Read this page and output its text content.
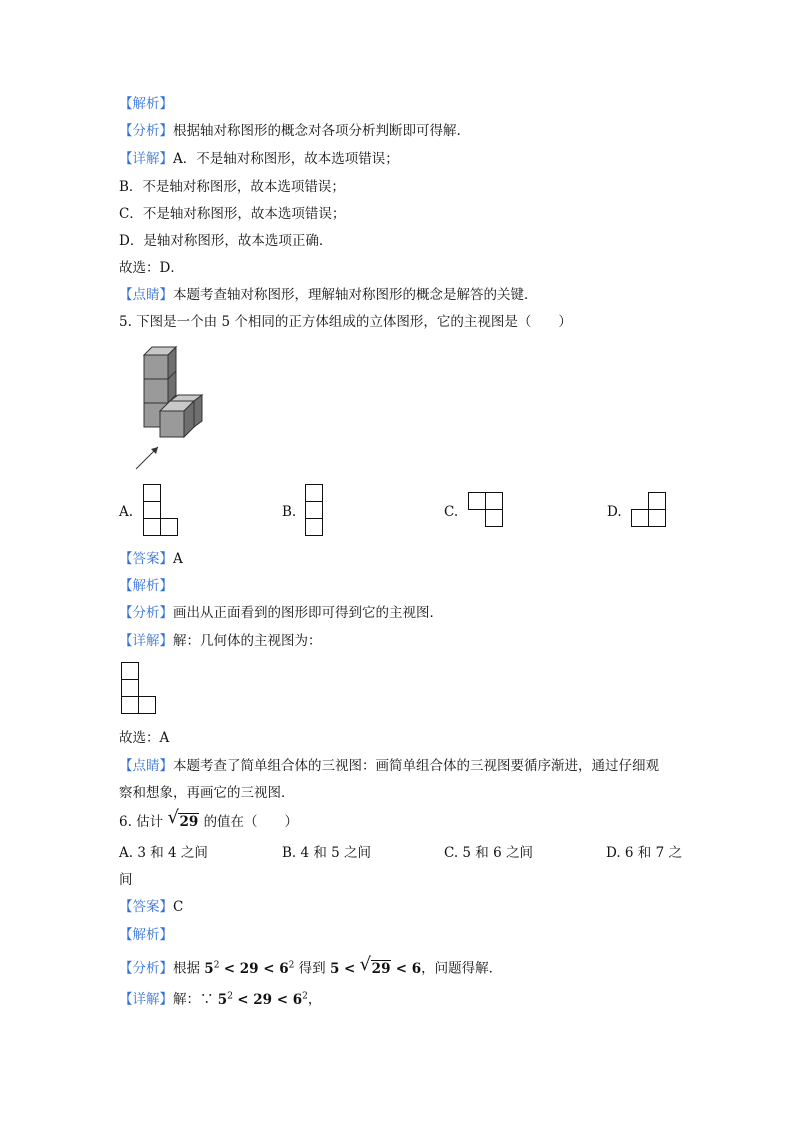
【解析】
【分析】根据轴对称图形的概念对各项分析判断即可得解.
【详解】A．不是轴对称图形，故本选项错误；
B．不是轴对称图形，故本选项错误；
C．不是轴对称图形，故本选项错误；
D．是轴对称图形，故本选项正确．
故选：D．
【点睛】本题考查轴对称图形，理解轴对称图形的概念是解答的关键．
5. 下图是一个由 5 个相同的正方体组成的立体图形，它的主视图是（　　）
A.	B.	C.	D.
【答案】A
【解析】
【分析】画出从正面看到的图形即可得到它的主视图．
【详解】解：几何体的主视图为：
故选：A
【点睛】本题考查了简单组合体的三视图：画简单组合体的三视图要循序渐进，通过仔细观
察和想象，再画它的三视图．
6. 估计 √ 29 的值在（　　）
A. 3 和 4 之间	B. 4 和 5 之间	C. 5 和 6 之间	D. 6 和 7 之
间
【答案】C
【解析】
【分析】根据 $5^2 < 29 < 6^2$ 得到 5 < √ 29 < 6，问题得解．
【详解】解：∵ $5^2 < 29 < 6^2$，
